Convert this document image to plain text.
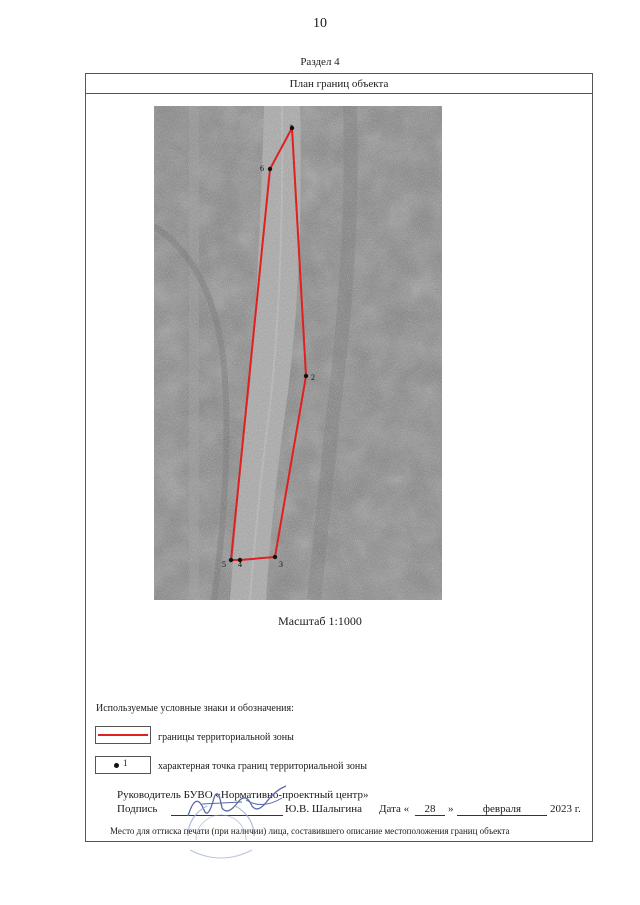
10
Раздел 4
План границ объекта
1
2
3
4
5
6
Масштаб 1:1000
Используемые условные знаки и обозначения:
границы территориальной зоны
1	характерная точка границ территориальной зоны
Руководитель БУВО «Нормативно-проектный центр»
Подпись	Ю.В. Шалыгина Дата «	28	»	февраля	2023 г.
Место для оттиска печати (при наличии) лица, составившего описание местоположения границ объекта
